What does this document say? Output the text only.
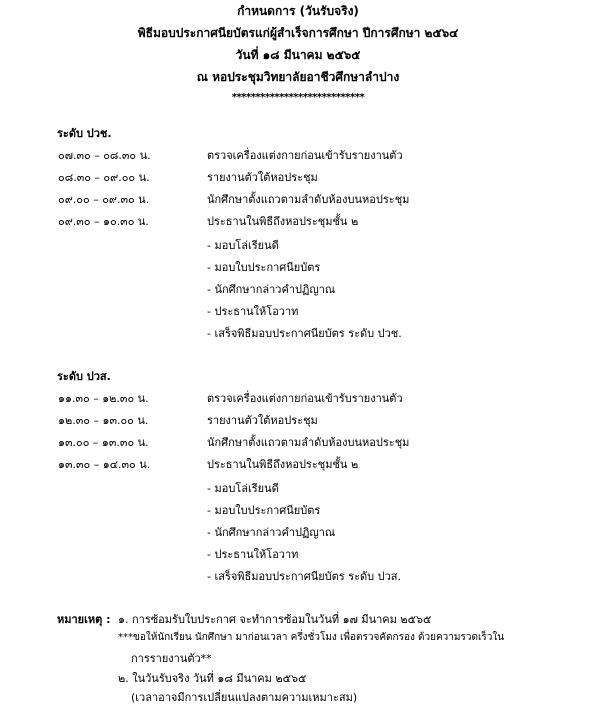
กำหนดการ (วันรับจริง)
พิธีมอบประกาศนียบัตรแก่ผู้สำเร็จการศึกษา ปีการศึกษา ๒๕๖๔
วันที่ ๑๘ มีนาคม ๒๕๖๕
ณ หอประชุมวิทยาลัยอาชีวศึกษาลำปาง
****************************
ระดับ ปวช.
๐๗.๓๐ – ๐๘.๓๐ น.	ตรวจเครื่องแต่งกายก่อนเข้ารับรายงานตัว
๐๘.๓๐ – ๐๙.๐๐ น.	รายงานตัวใต้หอประชุม
๐๙.๐๐ – ๐๙.๓๐ น.	นักศึกษาตั้งแถวตามลำดับห้องบนหอประชุม
๐๙.๓๐ – ๑๐.๓๐ น.	ประธานในพิธีถึงหอประชุมชั้น ๒
- มอบโล่เรียนดี
- มอบใบประกาศนียบัตร
- นักศึกษากล่าวคำปฏิญาณ
- ประธานให้โอวาท
- เสร็จพิธีมอบประกาศนียบัตร ระดับ ปวช.
ระดับ ปวส.
๑๑.๓๐ – ๑๒.๓๐ น.	ตรวจเครื่องแต่งกายก่อนเข้ารับรายงานตัว
๑๒.๓๐ – ๑๓.๐๐ น.	รายงานตัวใต้หอประชุม
๑๓.๐๐ – ๑๓.๓๐ น.	นักศึกษาตั้งแถวตามลำดับห้องบนหอประชุม
๑๓.๓๐ – ๑๔.๓๐ น.	ประธานในพิธีถึงหอประชุมชั้น ๒
- มอบโล่เรียนดี
- มอบใบประกาศนียบัตร
- นักศึกษากล่าวคำปฏิญาณ
- ประธานให้โอวาท
- เสร็จพิธีมอบประกาศนียบัตร ระดับ ปวส.
หมายเหตุ : ๑. การซ้อมรับใบประกาศ จะทำการซ้อมในวันที่ ๑๗ มีนาคม ๒๕๖๕
***ขอให้นักเรียน นักศึกษา มาก่อนเวลา ครึ่งชั่วโมง เพื่อตรวจคัดกรอง ด้วยความรวดเร็วใน
การรายงานตัว**
๒. ในวันรับจริง วันที่ ๑๘ มีนาคม ๒๕๖๕
(เวลาอาจมีการเปลี่ยนแปลงตามความเหมาะสม)
